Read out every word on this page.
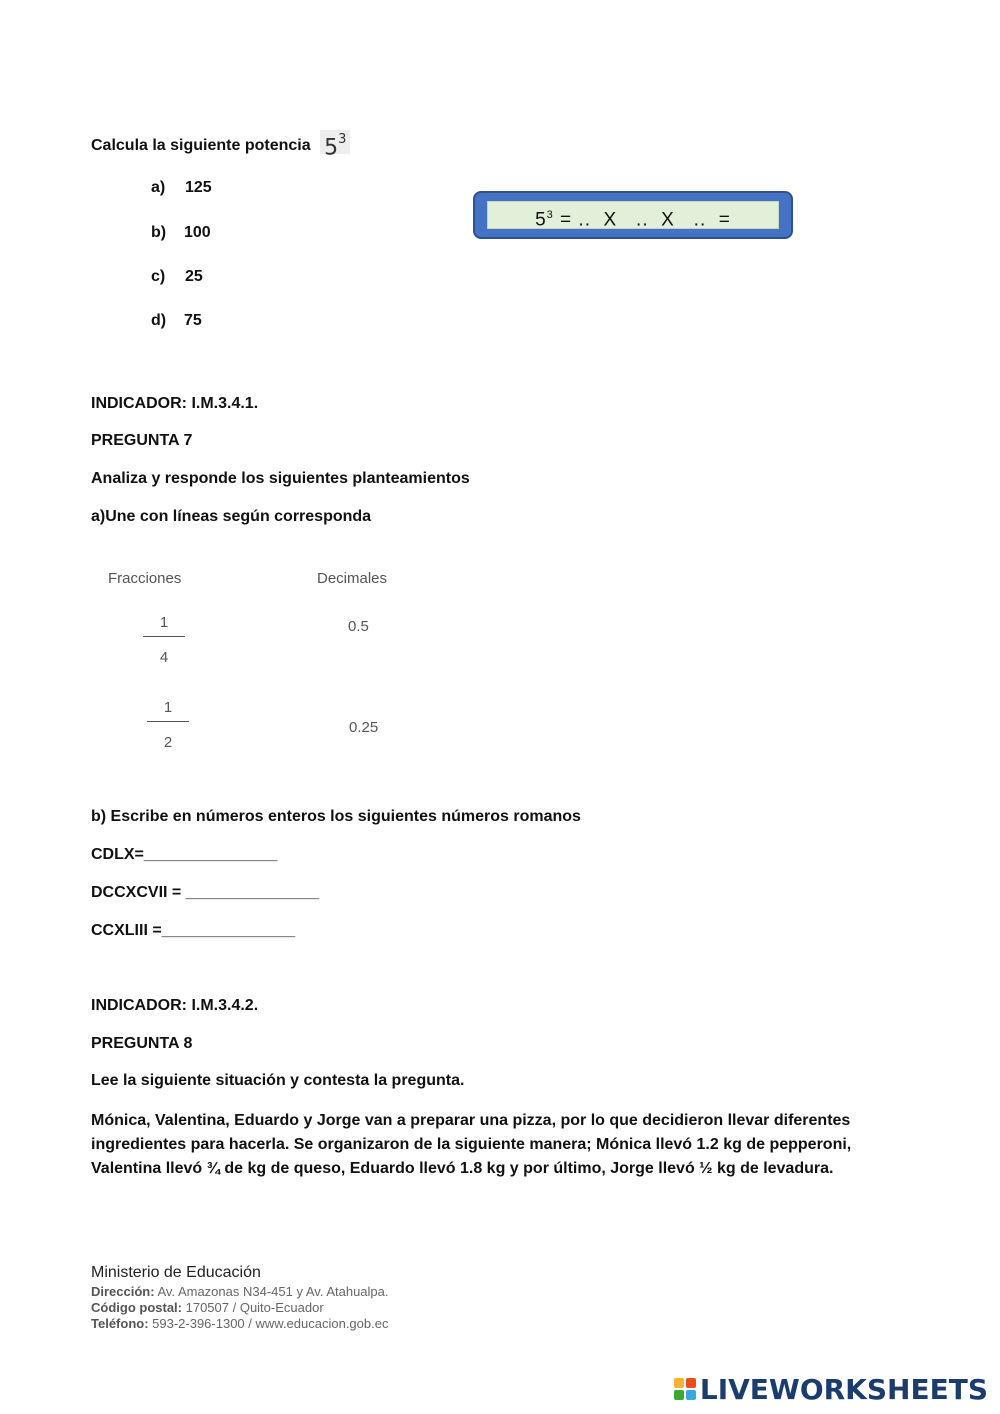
Calcula la siguiente potencia $5^3$
a) 125
b) 100
c) 25
d) 75
$5^3$ = ..  X   ..  X   ..  =
INDICADOR: I.M.3.4.1.
PREGUNTA 7
Analiza y responde los siguientes planteamientos
a)Une con líneas según corresponda
Fracciones	Decimales
1
4
1
2
0.5
0.25
b) Escribe en números enteros los siguientes números romanos
CDLX=_______________
DCCXCVII = _______________
CCXLIII =_______________
INDICADOR: I.M.3.4.2.
PREGUNTA 8
Lee la siguiente situación y contesta la pregunta.
Mónica, Valentina, Eduardo y Jorge van a preparar una pizza, por lo que decidieron llevar diferentes ingredientes para hacerla. Se organizaron de la siguiente manera; Mónica llevó 1.2 kg de pepperoni, Valentina llevó ¾ de kg de queso, Eduardo llevó 1.8 kg y por último, Jorge llevó ½ kg de levadura.
Ministerio de Educación
Dirección: Av. Amazonas N34-451 y Av. Atahualpa.
Código postal: 170507 / Quito-Ecuador
Teléfono: 593-2-396-1300 / www.educacion.gob.ec
LIVEWORKSHEETS
